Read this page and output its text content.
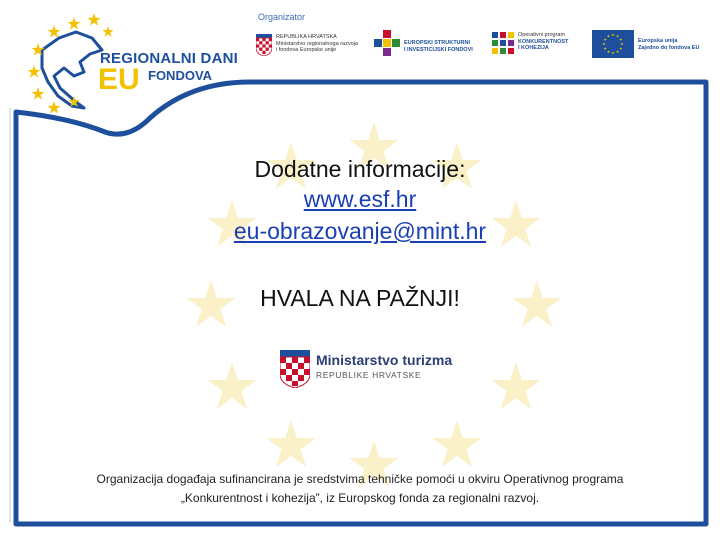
REGIONALNI DANI
EU FONDOVA
Organizator
REPUBLIKA HRVATSKA
Ministarstvo regionalnoga razvoja
i fondova Europske unije
EUROPSKI STRUKTURNI
I INVESTICIJSKI FONDOVI
Operativni program
KONKURENTNOST
I KOHEZIJA
Europska unija
Zajedno do fondova EU
Dodatne informacije:
www.esf.hr
eu-obrazovanje@mint.hr
HVALA NA PAŽNJI!
Ministarstvo turizma
REPUBLIKE HRVATSKE
Organizacija događaja sufinancirana je sredstvima tehničke pomoći u okviru Operativnog programa
„Konkurentnost i kohezija”, iz Europskog fonda za regionalni razvoj.
